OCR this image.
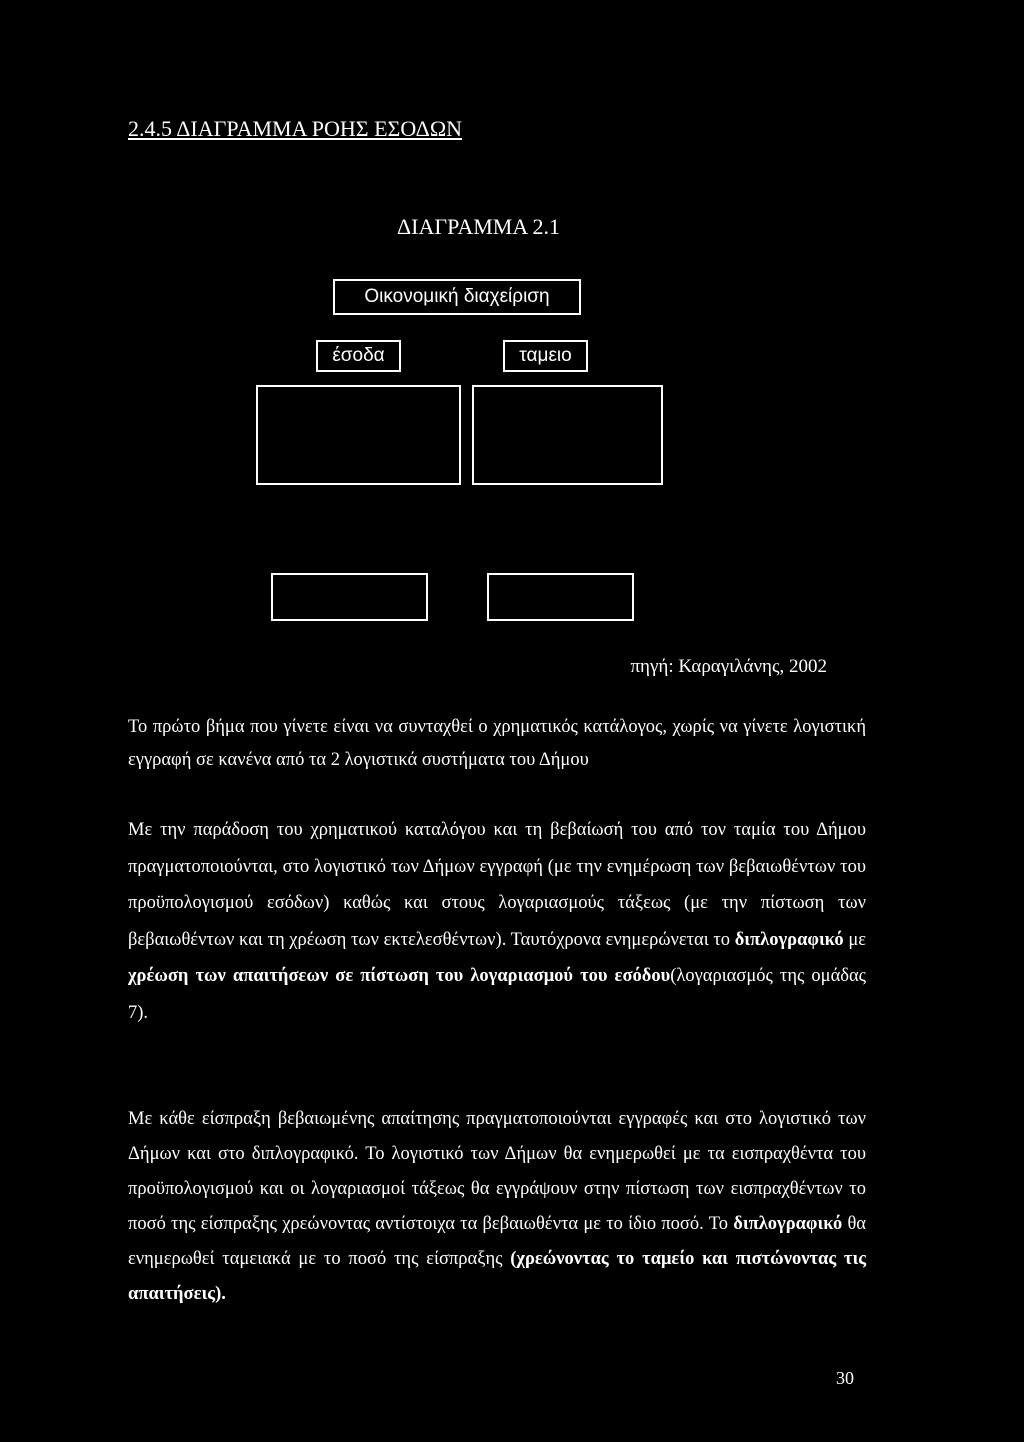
2.4.5 ΔΙΑΓΡΑΜΜΑ ΡΟΗΣ ΕΣΟΔΩΝ
ΔΙΑΓΡΑΜΜΑ 2.1
Οικονομική διαχείριση
έσοδα	ταμειο
πηγή: Καραγιλάνης, 2002

Το πρώτο βήμα που γίνετε είναι να συνταχθεί ο χρηματικός κατάλογος, χωρίς να γίνετε λογιστική εγγραφή σε κανένα από τα 2 λογιστικά συστήματα του Δήμου

Με την παράδοση του χρηματικού καταλόγου και τη βεβαίωσή του από τον ταμία του Δήμου πραγματοποιούνται, στο λογιστικό των Δήμων εγγραφή (με την ενημέρωση των βεβαιωθέντων του προϋπολογισμού εσόδων) καθώς και στους λογαριασμούς τάξεως (με την πίστωση των βεβαιωθέντων και τη χρέωση των εκτελεσθέντων). Ταυτόχρονα ενημερώνεται το διπλογραφικό με χρέωση των απαιτήσεων σε πίστωση του λογαριασμού του εσόδου(λογαριασμός της ομάδας 7).

Με κάθε είσπραξη βεβαιωμένης απαίτησης πραγματοποιούνται εγγραφές και στο λογιστικό των Δήμων και στο διπλογραφικό. Το λογιστικό των Δήμων θα ενημερωθεί με τα εισπραχθέντα του προϋπολογισμού και οι λογαριασμοί τάξεως θα εγγράψουν στην πίστωση των εισπραχθέντων το ποσό της είσπραξης χρεώνοντας αντίστοιχα τα βεβαιωθέντα με το ίδιο ποσό. Το διπλογραφικό θα ενημερωθεί ταμειακά με το ποσό της είσπραξης (χρεώνοντας το ταμείο και πιστώνοντας τις απαιτήσεις).

30
